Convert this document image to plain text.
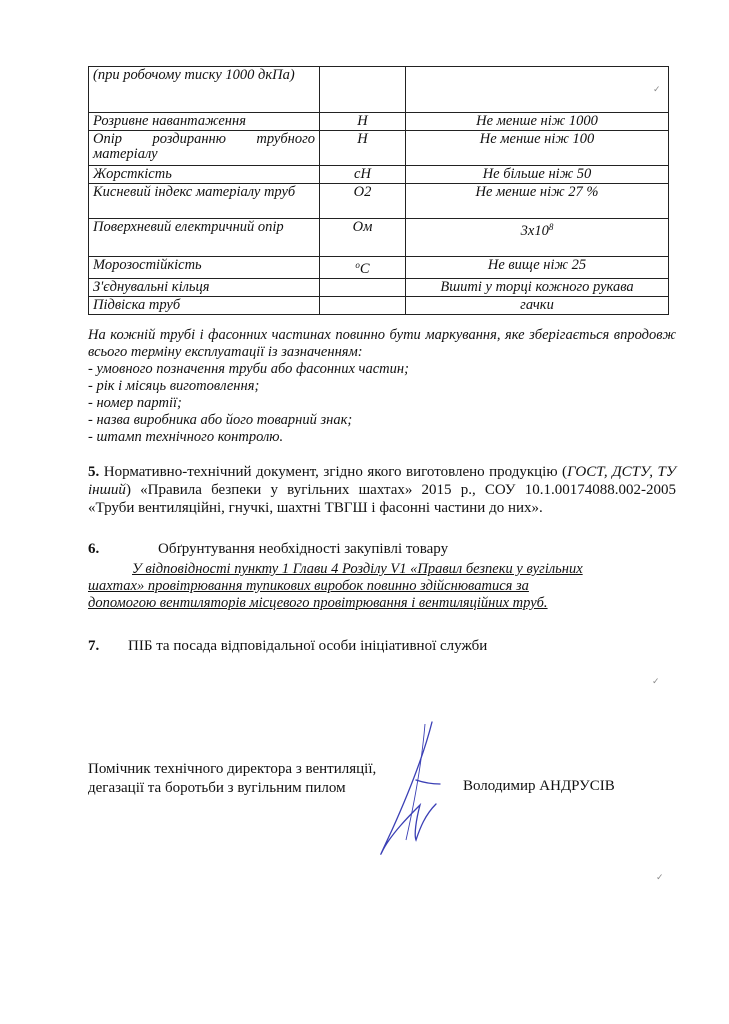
(при робочому тиску 1000 дкПа)		
Розривне навантаження	Н	Не менше ніж 1000
Опір роздиранню трубного матеріалу	Н	Не менше ніж 100
Жорсткість	сН	Не більше ніж 50
Кисневий індекс матеріалу труб	О2	Не менше ніж 27 %
Поверхневий електричний опір	Ом	$3х10^8$
Морозостійкість	$^о$С	Не вище ніж 25
З'єднувальні кільця		Вшиті у торці кожного рукава
Підвіска труб		гачки

На кожній трубі і фасонних частинах повинно бути маркування, яке зберігається впродовж всього терміну експлуатації із зазначенням:

- умовного позначення труби або фасонних частин;

- рік і місяць виготовлення;

- номер партії;

- назва виробника або його товарний знак;

- штамп технічного контролю.

5. Нормативно-технічний документ, згідно якого виготовлено продукцію (ГОСТ, ДСТУ, ТУ інший) «Правила безпеки у вугільних шахтах» 2015 р., СОУ 10.1.00174088.002-2005 «Труби вентиляційні, гнучкі, шахтні ТВГШ і фасонні частини до них».
6.	Обґрунтування необхідності закупівлі товару

У відповідності пункту 1 Глави 4 Розділу V1 «Правил безпеки у вугільних

шахтах» провітрювання тупикових виробок повинно здійснюватися за

допомогою вентиляторів місцевого провітрювання і вентиляційних труб.

7. ПІБ та посада відповідальної особи ініціативної служби
Помічник технічного директора з вентиляції,
дегазації та боротьби з вугільним пилом	Володимир АНДРУСІВ
✓
✓
✓
